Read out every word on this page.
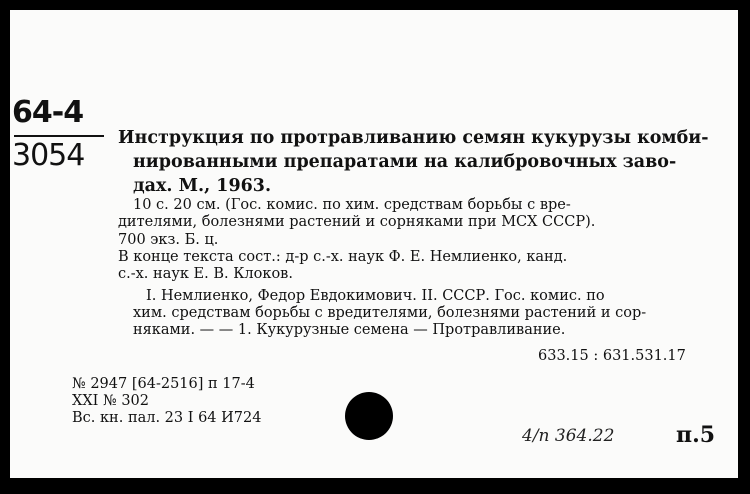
64-4
3054 Инструкция по протравливанию семян кукурузы комби-
нированными препаратами на калибровочных заво-
дах. М., 1963.
10 с. 20 см. (Гос. комис. по хим. средствам борьбы с вре-
дителями, болезнями растений и сорняками при МСХ СССР).
700 экз. Б. ц.
В конце текста сост.: д-р с.-х. наук Ф. Е. Немлиенко, канд.
с.-х. наук Е. В. Клоков.
I. Немлиенко, Федор Евдокимович. II. СССР. Гос. комис. по
хим. средствам борьбы с вредителями, болезнями растений и сор-
няками. — — 1. Кукурузные семена — Протравливание.
633.15 : 631.531.17
№ 2947 [64-2516] п 17-4
XXI № 302
Вс. кн. пал. 23 I 64 И724
4/п 364.22	п.5
